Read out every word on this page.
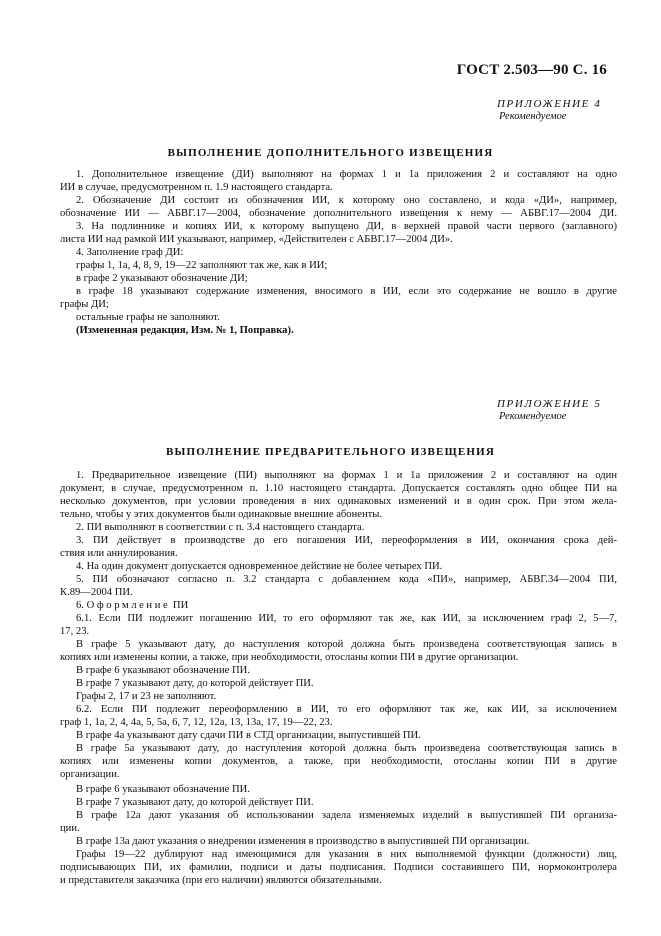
ГОСТ 2.503—90 С. 16
ПРИЛОЖЕНИЕ 4
Рекомендуемое
ВЫПОЛНЕНИЕ ДОПОЛНИТЕЛЬНОГО ИЗВЕЩЕНИЯ
1. Дополнительное извещение (ДИ) выполняют на формах 1 и 1а приложения 2 и составляют на одно
ИИ в случае, предусмотренном п. 1.9 настоящего стандарта.
2. Обозначение ДИ состоит из обозначения ИИ, к которому оно составлено, и кода «ДИ», например,
обозначение ИИ — АБВГ.17—2004, обозначение дополнительного извещения к нему — АБВГ.17—2004 ДИ.
3. На подлиннике и копиях ИИ, к которому выпущено ДИ, в верхней правой части первого (заглавного)
листа ИИ над рамкой ИИ указывают, например, «Действителен с АБВГ.17—2004 ДИ».
4. Заполнение граф ДИ:
графы 1, 1а, 4, 8, 9, 19—22 заполняют так же, как в ИИ;
в графе 2 указывают обозначение ДИ;
в графе 18 указывают содержание изменения, вносимого в ИИ, если это содержание не вошло в другие
графы ДИ;
остальные графы не заполняют.
(Измененная редакция, Изм. № 1, Поправка).
ПРИЛОЖЕНИЕ 5
Рекомендуемое
ВЫПОЛНЕНИЕ ПРЕДВАРИТЕЛЬНОГО ИЗВЕЩЕНИЯ
1. Предварительное извещение (ПИ) выполняют на формах 1 и 1а приложения 2 и составляют на один
документ, в случае, предусмотренном п. 1.10 настоящего стандарта. Допускается составлять одно общее ПИ на
несколько документов, при условии проведения в них одинаковых изменений и в один срок. При этом жела-
тельно, чтобы у этих документов были одинаковые внешние абоненты.
2. ПИ выполняют в соответствии с п. 3.4 настоящего стандарта.
3. ПИ действует в производстве до его погашения ИИ, переоформления в ИИ, окончания срока дей-
ствия или аннулирования.
4. На один документ допускается одновременное действие не более четырех ПИ.
5. ПИ обозначают согласно п. 3.2 стандарта с добавлением кода «ПИ», например, АБВГ.34—2004 ПИ,
К.89—2004 ПИ.
6. Оформление ПИ
6.1. Если ПИ подлежит погашению ИИ, то его оформляют так же, как ИИ, за исключением граф 2, 5—7,
17, 23.
В графе 5 указывают дату, до наступления которой должна быть произведена соответствующая запись в
копиях или изменены копии, а также, при необходимости, отосланы копии ПИ в другие организации.
В графе 6 указывают обозначение ПИ.
В графе 7 указывают дату, до которой действует ПИ.
Графы 2, 17 и 23 не заполняют.
6.2. Если ПИ подлежит переоформлению в ИИ, то его оформляют так же, как ИИ, за исключением
граф 1, 1а, 2, 4, 4а, 5, 5а, 6, 7, 12, 12а, 13, 13а, 17, 19—22, 23.
В графе 4а указывают дату сдачи ПИ в СТД организации, выпустившей ПИ.
В графе 5а указывают дату, до наступления которой должна быть произведена соответствующая запись в
копиях или изменены копии документов, а также, при необходимости, отосланы копии ПИ в другие
организации.
В графе 6 указывают обозначение ПИ.
В графе 7 указывают дату, до которой действует ПИ.
В графе 12а дают указания об использовании задела изменяемых изделий в выпустившей ПИ организа-
ции.
В графе 13а дают указания о внедрении изменения в производство в выпустившей ПИ организации.
Графы 19—22 дублируют над имеющимися для указания в них выполняемой функции (должности) лиц,
подписывающих ПИ, их фамилии, подписи и даты подписания. Подписи составившего ПИ, нормоконтролера
и представителя заказчика (при его наличии) являются обязательными.
